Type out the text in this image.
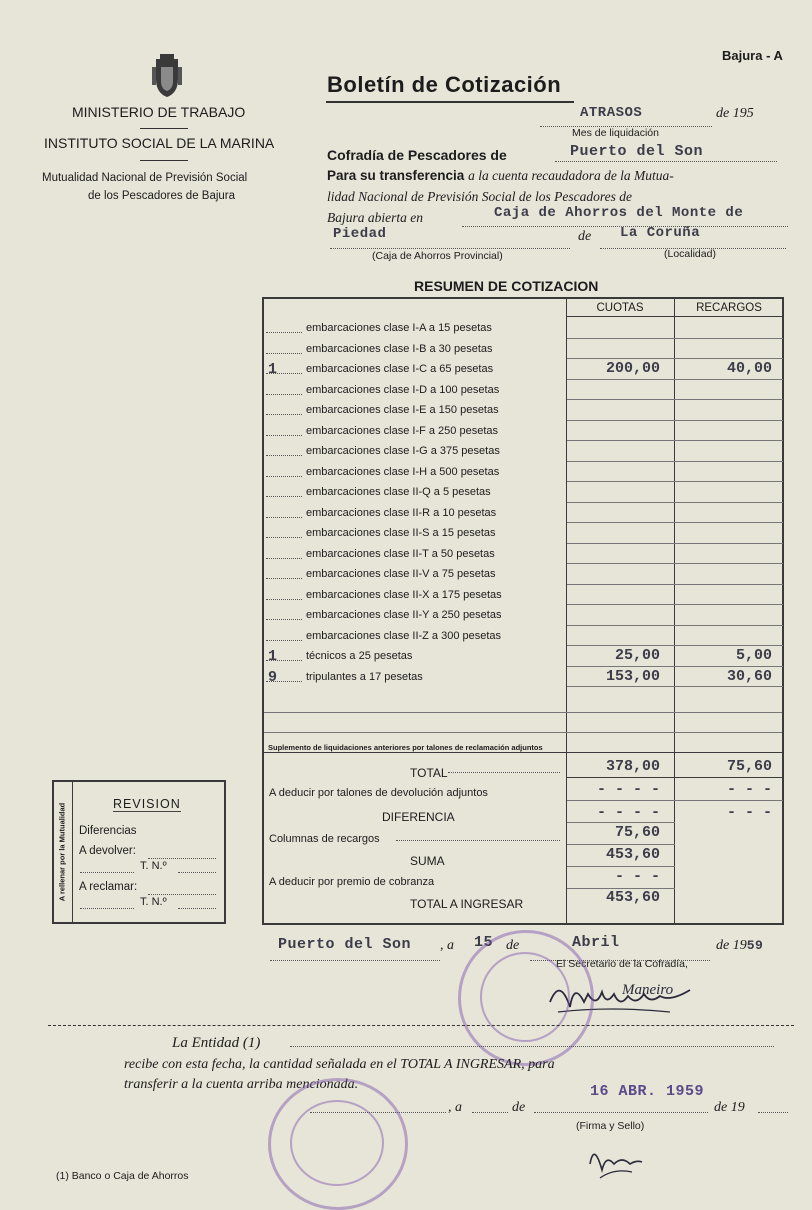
Bajura - A
MINISTERIO DE TRABAJO
INSTITUTO SOCIAL DE LA MARINA
Mutualidad Nacional de Previsión Social
de los Pescadores de Bajura
Boletín de Cotización
ATRASOS	de 195
Mes de liquidación
Cofradía de Pescadores de	Puerto del Son
Para su transferencia a la cuenta recaudadora de la Mutua-
lidad Nacional de Previsión Social de los Pescadores de
Bajura abierta en	Caja de Ahorros del Monte de
Piedad	de La Coruña
(Caja de Ahorros Provincial)	(Localidad)
RESUMEN DE COTIZACION
CUOTAS	RECARGOS
embarcaciones clase I-A a 15 pesetas
embarcaciones clase I-B a 30 pesetas
1	embarcaciones clase I-C a 65 pesetas	200,00	40,00
embarcaciones clase I-D a 100 pesetas
embarcaciones clase I-E a 150 pesetas
embarcaciones clase I-F a 250 pesetas
embarcaciones clase I-G a 375 pesetas
embarcaciones clase I-H a 500 pesetas
embarcaciones clase II-Q a 5 pesetas
embarcaciones clase II-R a 10 pesetas
embarcaciones clase II-S a 15 pesetas
embarcaciones clase II-T a 50 pesetas
embarcaciones clase II-V a 75 pesetas
embarcaciones clase II-X a 175 pesetas
embarcaciones clase II-Y a 250 pesetas
embarcaciones clase II-Z a 300 pesetas
1	técnicos a 25 pesetas	25,00	5,00
9	tripulantes a 17 pesetas	153,00	30,60
Suplemento de liquidaciones anteriores por talones de reclamación adjuntos
TOTAL	378,00	75,60
A deducir por talones de devolución adjuntos	- - - -	- - -
DIFERENCIA	- - - -	- - -
Columnas de recargos	75,60
SUMA	453,60
A deducir por premio de cobranza	- - -
TOTAL A INGRESAR	453,60
A rellenar por la Mutualidad	REVISION
Diferencias
A devolver:
T. N.º
A reclamar:
T. N.º
Puerto del Son , a 15 de	Abril	de 1959
El Secretario de la Cofradía,
Maneiro
La Entidad (1)
recibe con esta fecha, la cantidad señalada en el TOTAL A INGRESAR, para
transferir a la cuenta arriba mencionada.
, a	de
16 ABR. 1959
de 19
(Firma y Sello)
(1) Banco o Caja de Ahorros
